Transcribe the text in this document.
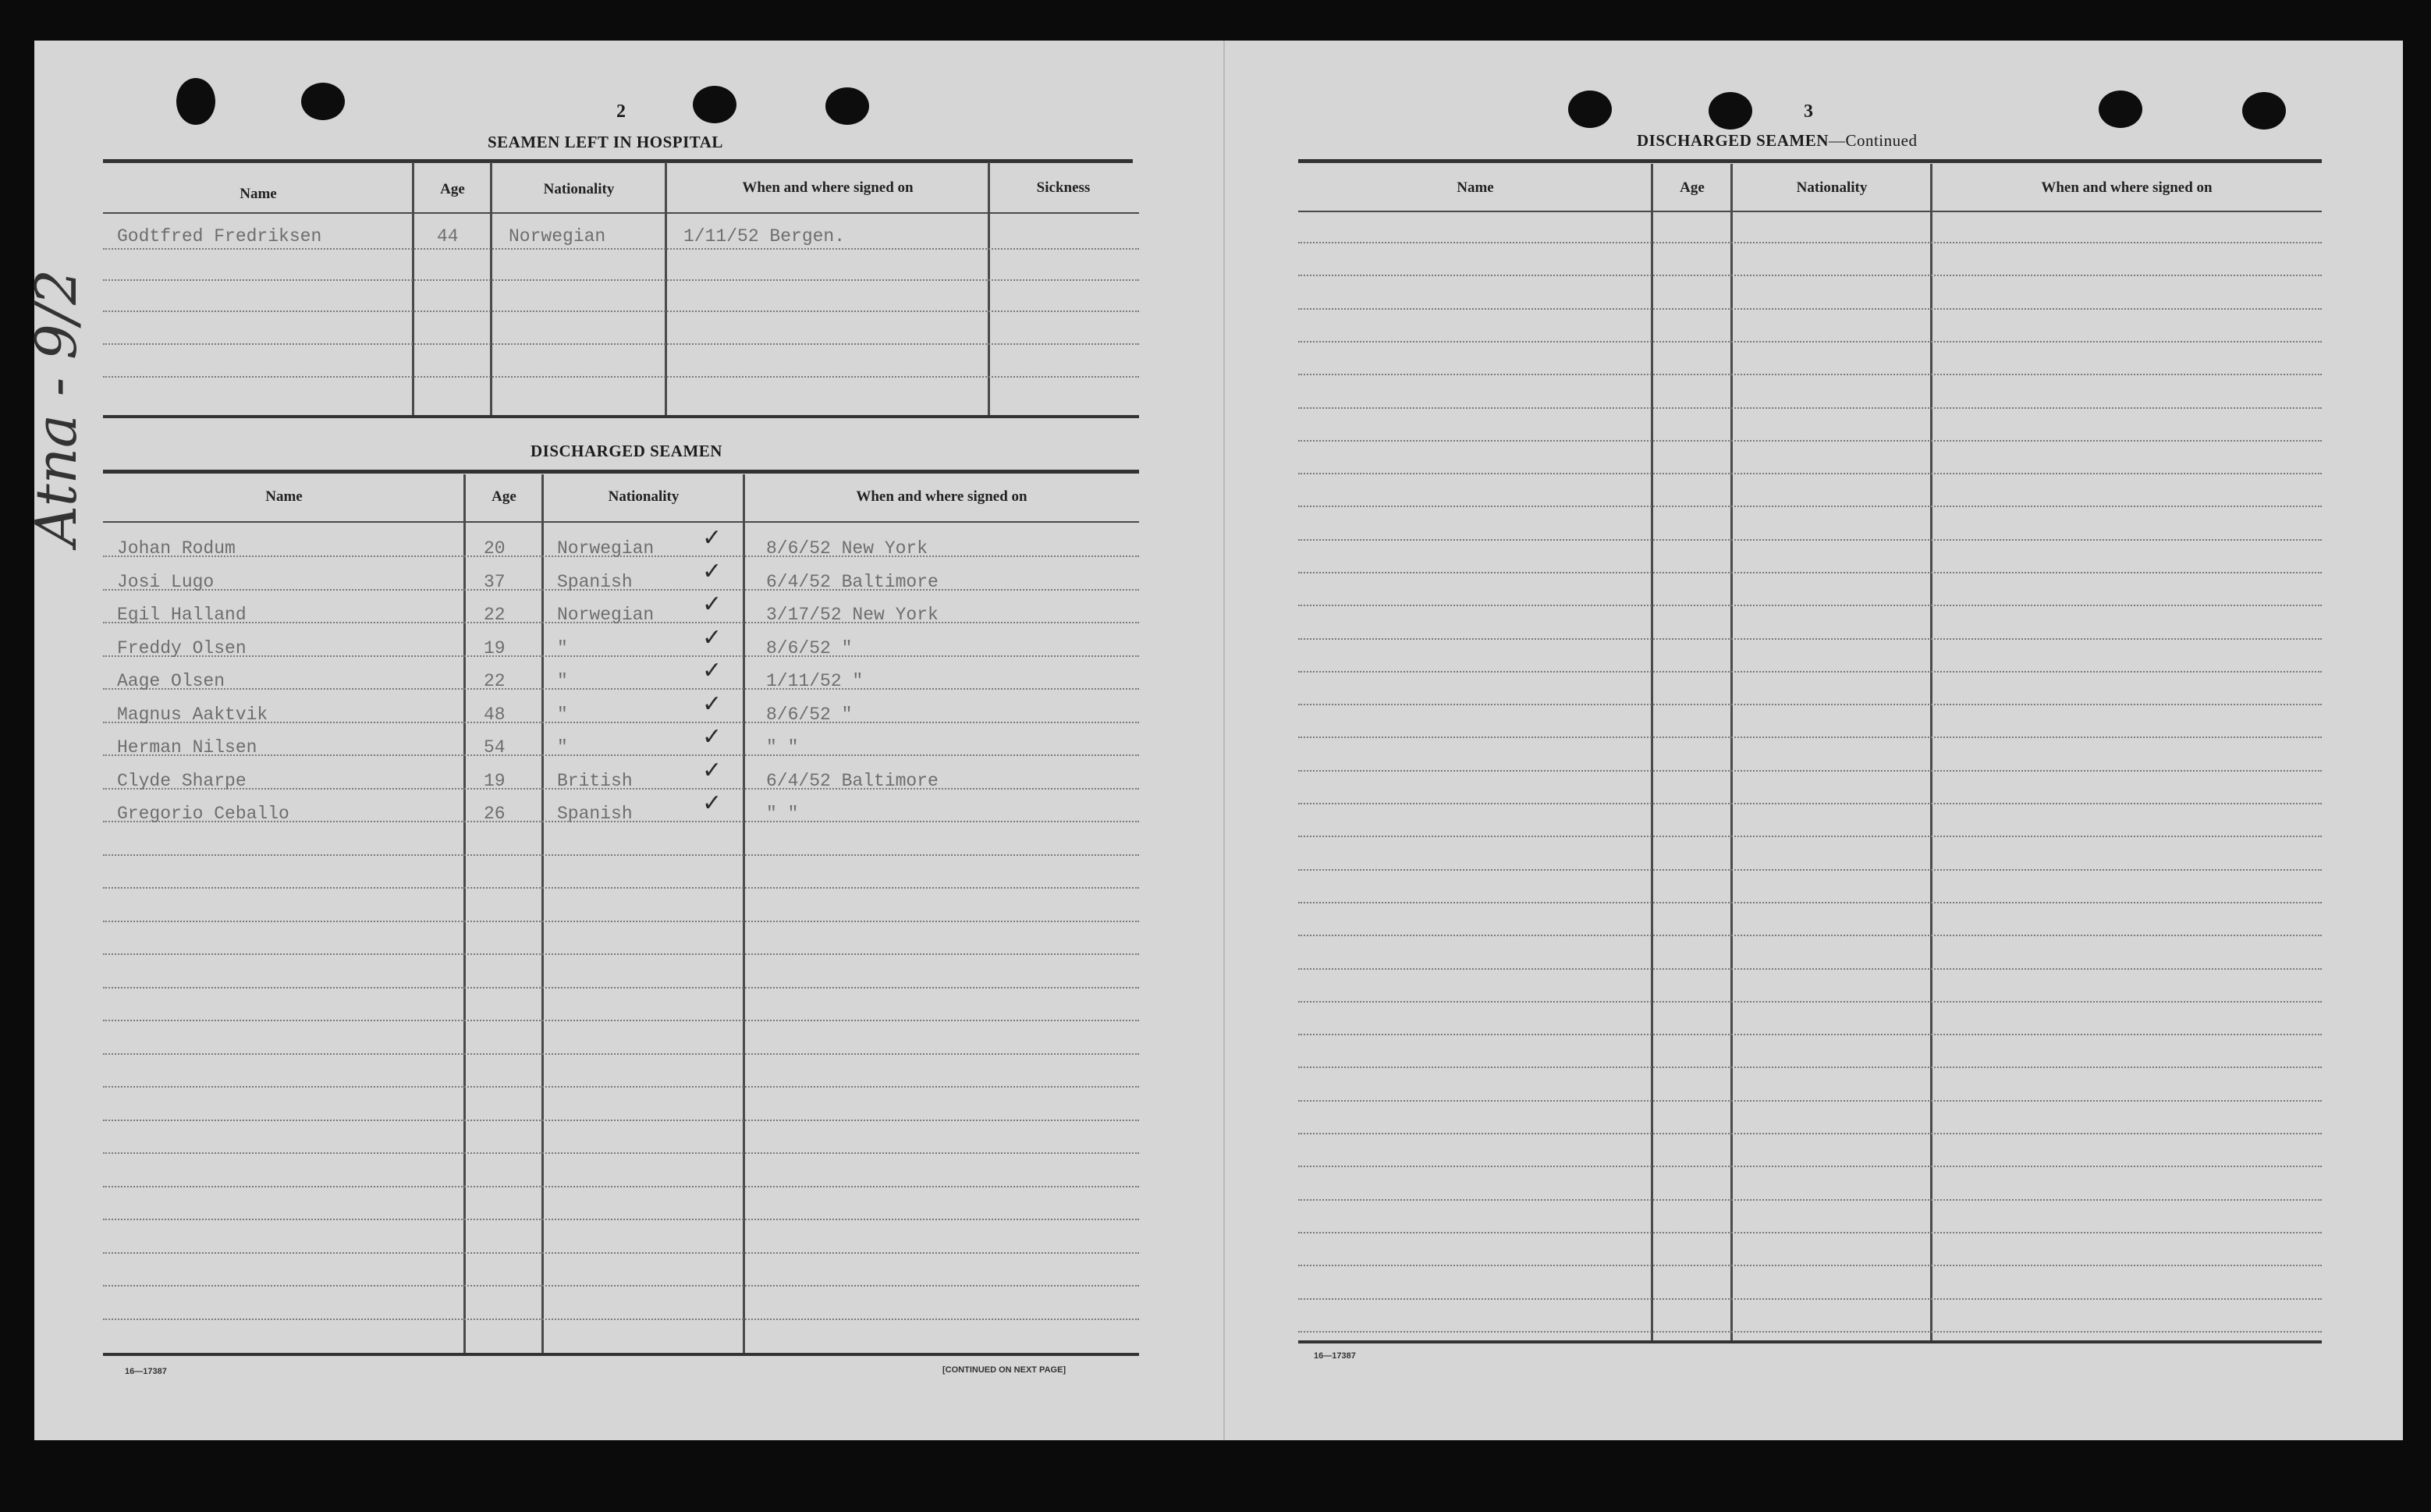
Atna - 9/2
2
SEAMEN LEFT IN HOSPITAL
Name	Age	Nationality	When and where signed on	Sickness
Godtfred Fredriksen	44	Norwegian	1/11/52 Bergen.
DISCHARGED SEAMEN
Name	Age	Nationality	When and where signed on
Johan Rodum	20	Norwegian	8/6/52 New York
✓
Josi Lugo	37	Spanish	6/4/52 Baltimore
✓
Egil Halland	22	Norwegian	3/17/52 New York
✓
Freddy Olsen	19	"	8/6/52 "
✓
Aage Olsen	22	"	1/11/52 "
✓
Magnus Aaktvik	48	"	8/6/52 "
✓
Herman Nilsen	54	"	" "
✓
Clyde Sharpe	19	British	6/4/52 Baltimore
✓
Gregorio Ceballo	26	Spanish	" "
✓
16—17387	[CONTINUED ON NEXT PAGE]
3
DISCHARGED SEAMEN—Continued
Name	Age	Nationality	When and where signed on
16—17387
